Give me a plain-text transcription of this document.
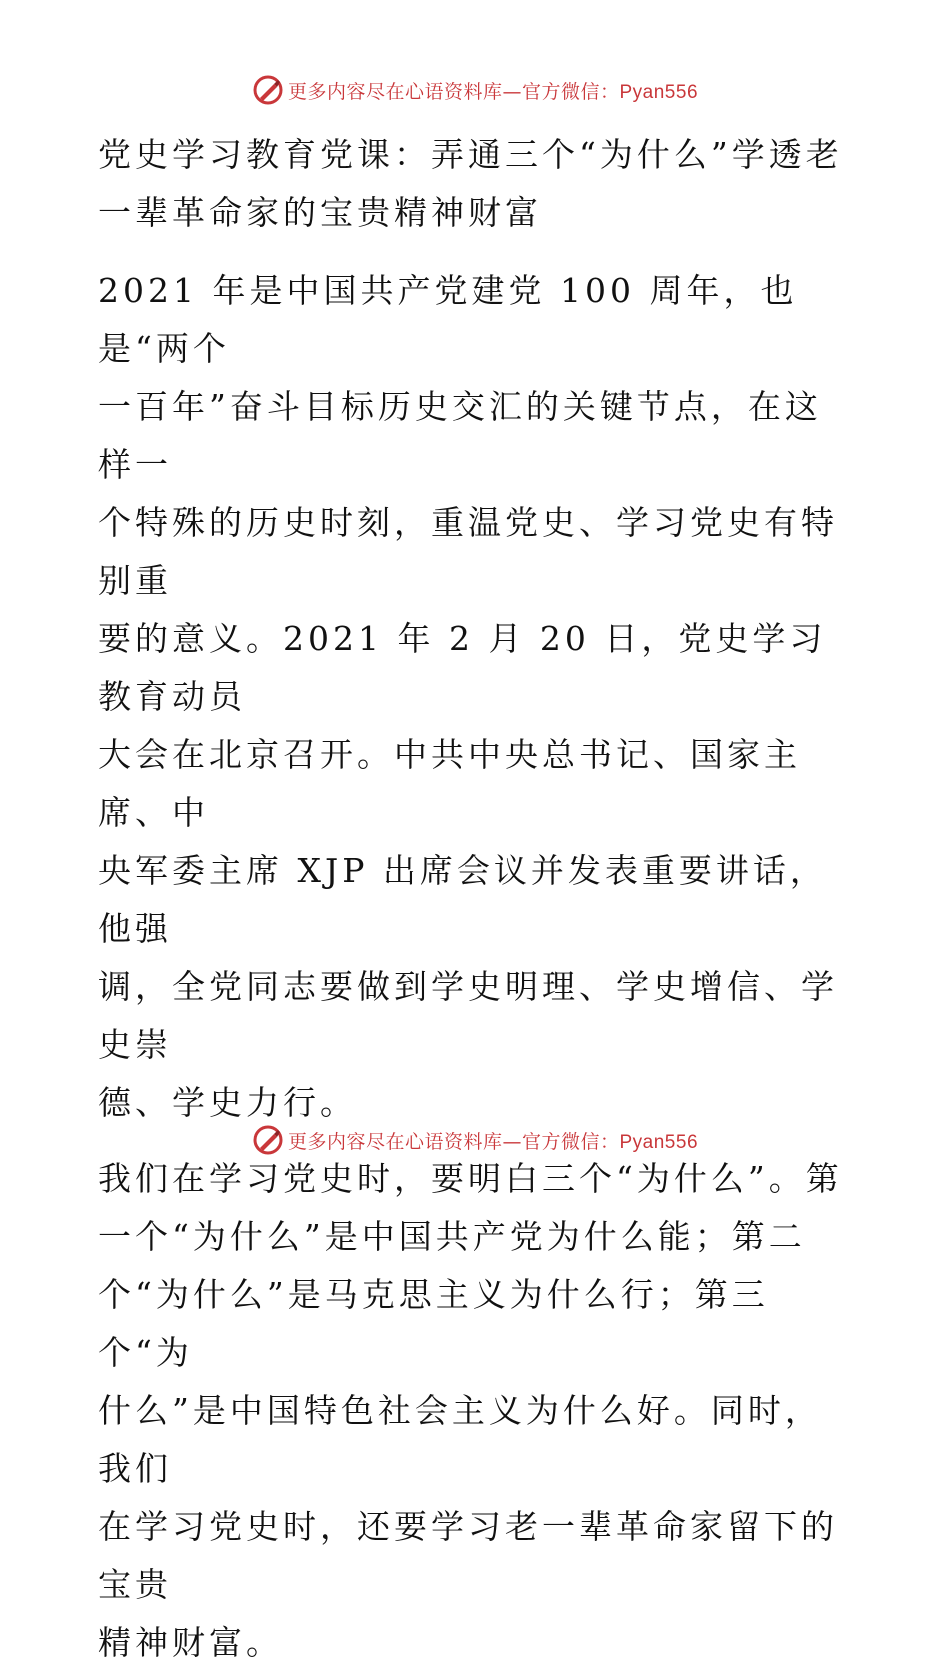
更多内容尽在心语资料库—官方微信：Pyan556
党史学习教育党课：弄通三个“为什么”学透老
一辈革命家的宝贵精神财富
2021 年是中国共产党建党 100 周年，也是“两个
一百年”奋斗目标历史交汇的关键节点，在这样一
个特殊的历史时刻，重温党史、学习党史有特别重
要的意义。2021 年 2 月 20 日，党史学习教育动员
大会在北京召开。中共中央总书记、国家主席、中
央军委主席 XJP 出席会议并发表重要讲话，他强
调，全党同志要做到学史明理、学史增信、学史崇
德、学史力行。
我们在学习党史时，要明白三个“为什么”。第
一个“为什么”是中国共产党为什么能；第二
个“为什么”是马克思主义为什么行；第三个“为
什么”是中国特色社会主义为什么好。同时，我们
在学习党史时，还要学习老一辈革命家留下的宝贵
精神财富。
更多内容尽在心语资料库—官方微信：Pyan556
